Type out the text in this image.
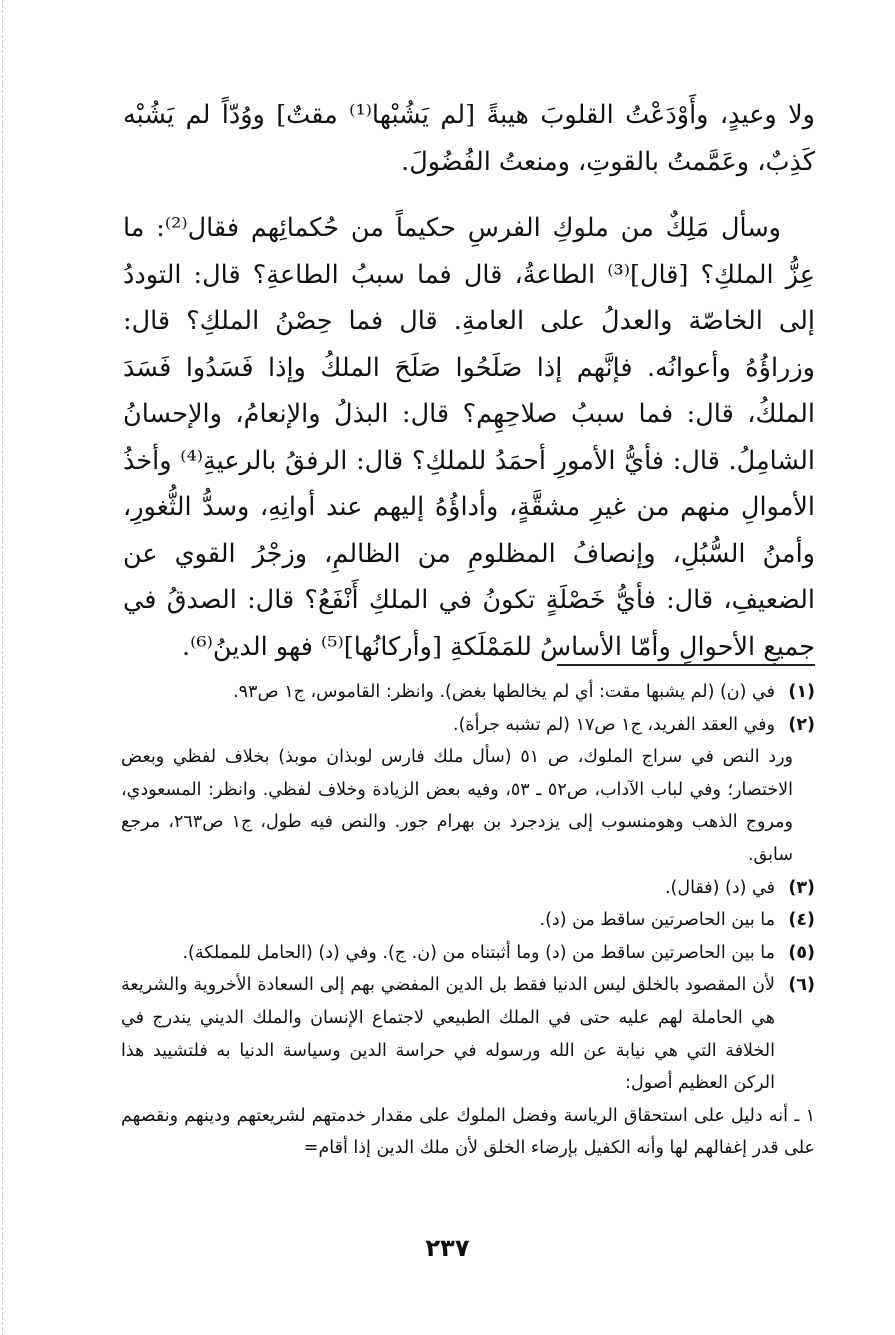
ولا وعيدٍ، وأَوْدَعْتُ القلوبَ هيبةً [لم يَشُبْها⁽¹⁾ مقتٌ] ووُدّاً لم يَشُبْه كَذِبٌ، وعَمَّمتُ بالقوتِ، ومنعتُ الفُضُولَ.

وسأل مَلِكٌ من ملوكِ الفرسِ حكيماً من حُكمائِهم فقال⁽²⁾: ما عِزُّ الملكِ؟ [قال]⁽³⁾ الطاعةُ، قال فما سببُ الطاعةِ؟ قال: التوددُ إلى الخاصّة والعدلُ على العامةِ. قال فما حِصْنُ الملكِ؟ قال: وزراؤُهُ وأعوانُه. فإنَّهم إذا صَلَحُوا صَلَحَ الملكُ وإذا فَسَدُوا فَسَدَ الملكُ، قال: فما سببُ صلاحِهِم؟ قال: البذلُ والإنعامُ، والإحسانُ الشامِلُ. قال: فأيُّ الأمورِ أحمَدُ للملكِ؟ قال: الرفقُ بالرعيةِ⁽⁴⁾ وأخذُ الأموالِ منهم من غيرِ مشقَّةٍ، وأداؤُهُ إليهم عند أوانِهِ، وسدُّ الثُّغورِ، وأمنُ السُّبُلِ، وإنصافُ المظلومِ من الظالمِ، وزجْرُ القوي عن الضعيفِ، قال: فأيُّ خَصْلَةٍ تكونُ في الملكِ أَنْفَعُ؟ قال: الصدقُ في جميعِ الأحوالِ وأمّا الأساسُ للمَمْلَكةِ [وأركانُها]⁽⁵⁾ فهو الدينُ⁽⁶⁾.

(١)
في (ن) (لم يشبها مقت: أي لم يخالطها بغض). وانظر: القاموس، ج١ ص٩٣.
(٢)
وفي العقد الفريد، ج١ ص١٧ (لم تشبه جرأة).
ورد النص في سراج الملوك، ص ٥١ (سأل ملك فارس لوبذان موبذ) بخلاف لفظي وبعض الاختصار؛ وفي لباب الآداب، ص٥٢ ـ ٥٣، وفيه بعض الزيادة وخلاف لفظي. وانظر: المسعودي، ومروج الذهب وهومنسوب إلى يزدجرد بن بهرام جور. والنص فيه طول، ج١ ص٢٦٣، مرجع سابق.
(٣)
في (د) (فقال).
(٤)
ما بين الحاصرتين ساقط من (د).
(٥)
ما بين الحاصرتين ساقط من (د) وما أثبتناه من (ن. ج). وفي (د) (الحامل للمملكة).
(٦)
لأن المقصود بالخلق ليس الدنيا فقط بل الدين المفضي بهم إلى السعادة الأخروية والشريعة هي الحاملة لهم عليه حتى في الملك الطبيعي لاجتماع الإنسان والملك الديني يندرج في الخلافة التي هي نيابة عن الله ورسوله في حراسة الدين وسياسة الدنيا به فلتشييد هذا الركن العظيم أصول:
١ ـ أنه دليل على استحقاق الرياسة وفضل الملوك على مقدار خدمتهم لشريعتهم ودينهم ونقصهم على قدر إغفالهم لها وأنه الكفيل بإرضاء الخلق لأن ملك الدين إذا أقام=
٢٣٧
